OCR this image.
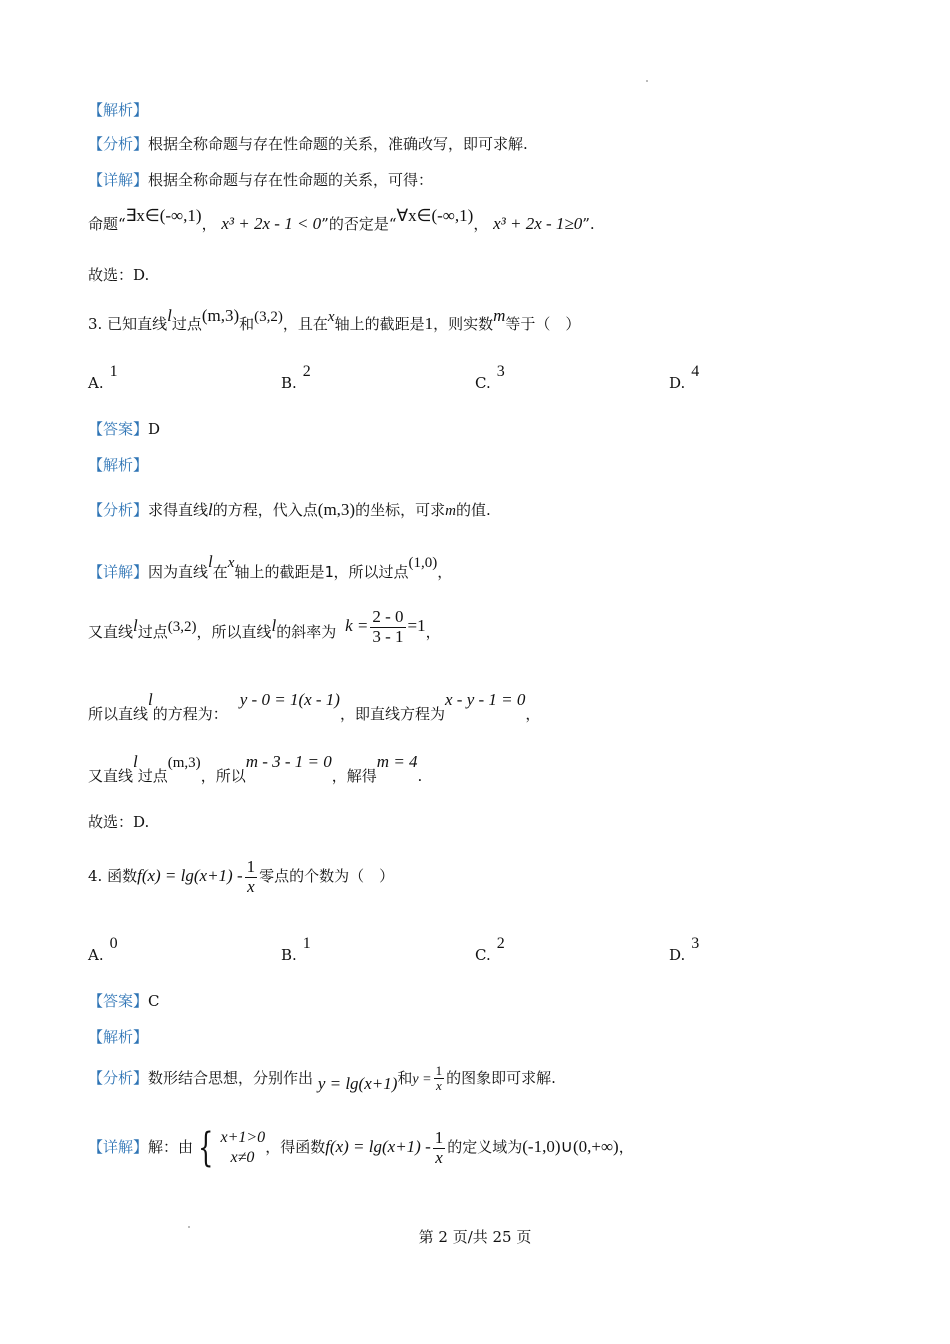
【解析】
【分析】根据全称命题与存在性命题的关系，准确改写，即可求解.
【详解】根据全称命题与存在性命题的关系，可得：
命题“∃x∈(-∞,1)， x³ + 2x - 1 < 0”的否定是“∀x∈(-∞,1)， x³ + 2x - 1≥0”.
故选：D.
3. 已知直线l过点(m,3)和(3,2)，且在x轴上的截距是1，则实数m等于（　）
A.1
B.2
C.3
D.4
【答案】D
【解析】
【分析】求得直线l的方程，代入点(m,3)的坐标，可求m的值.
【详解】因为直线l在x轴上的截距是1，所以过点(1,0)，
又直线l过点(3,2)，所以直线l的斜率为 $k = \frac{2 - 0}{3 - 1} =1$，
所以直线l的方程为：y - 0 = 1(x - 1)，即直线方程为x - y - 1 = 0，
又直线l过点(m,3)，所以m - 3 - 1 = 0，解得m = 4.
故选：D.
4. 函数$f(x) = \lg(x+1) - \frac{1}{x}$ 零点的个数为（　）
A.0
B.1
C.2
D.3
【答案】C
【解析】
【分析】数形结合思想，分别作出 y = lg(x+1)和$y = \frac{1}{x}$ 的图象即可求解.
【详解】解：由 { x+1>0
x≠0
，得函数$f(x) = \lg(x+1) - \frac{1}{x}$ 的定义域为(-1,0)∪(0,+∞)，
第 2 页/共 25 页
